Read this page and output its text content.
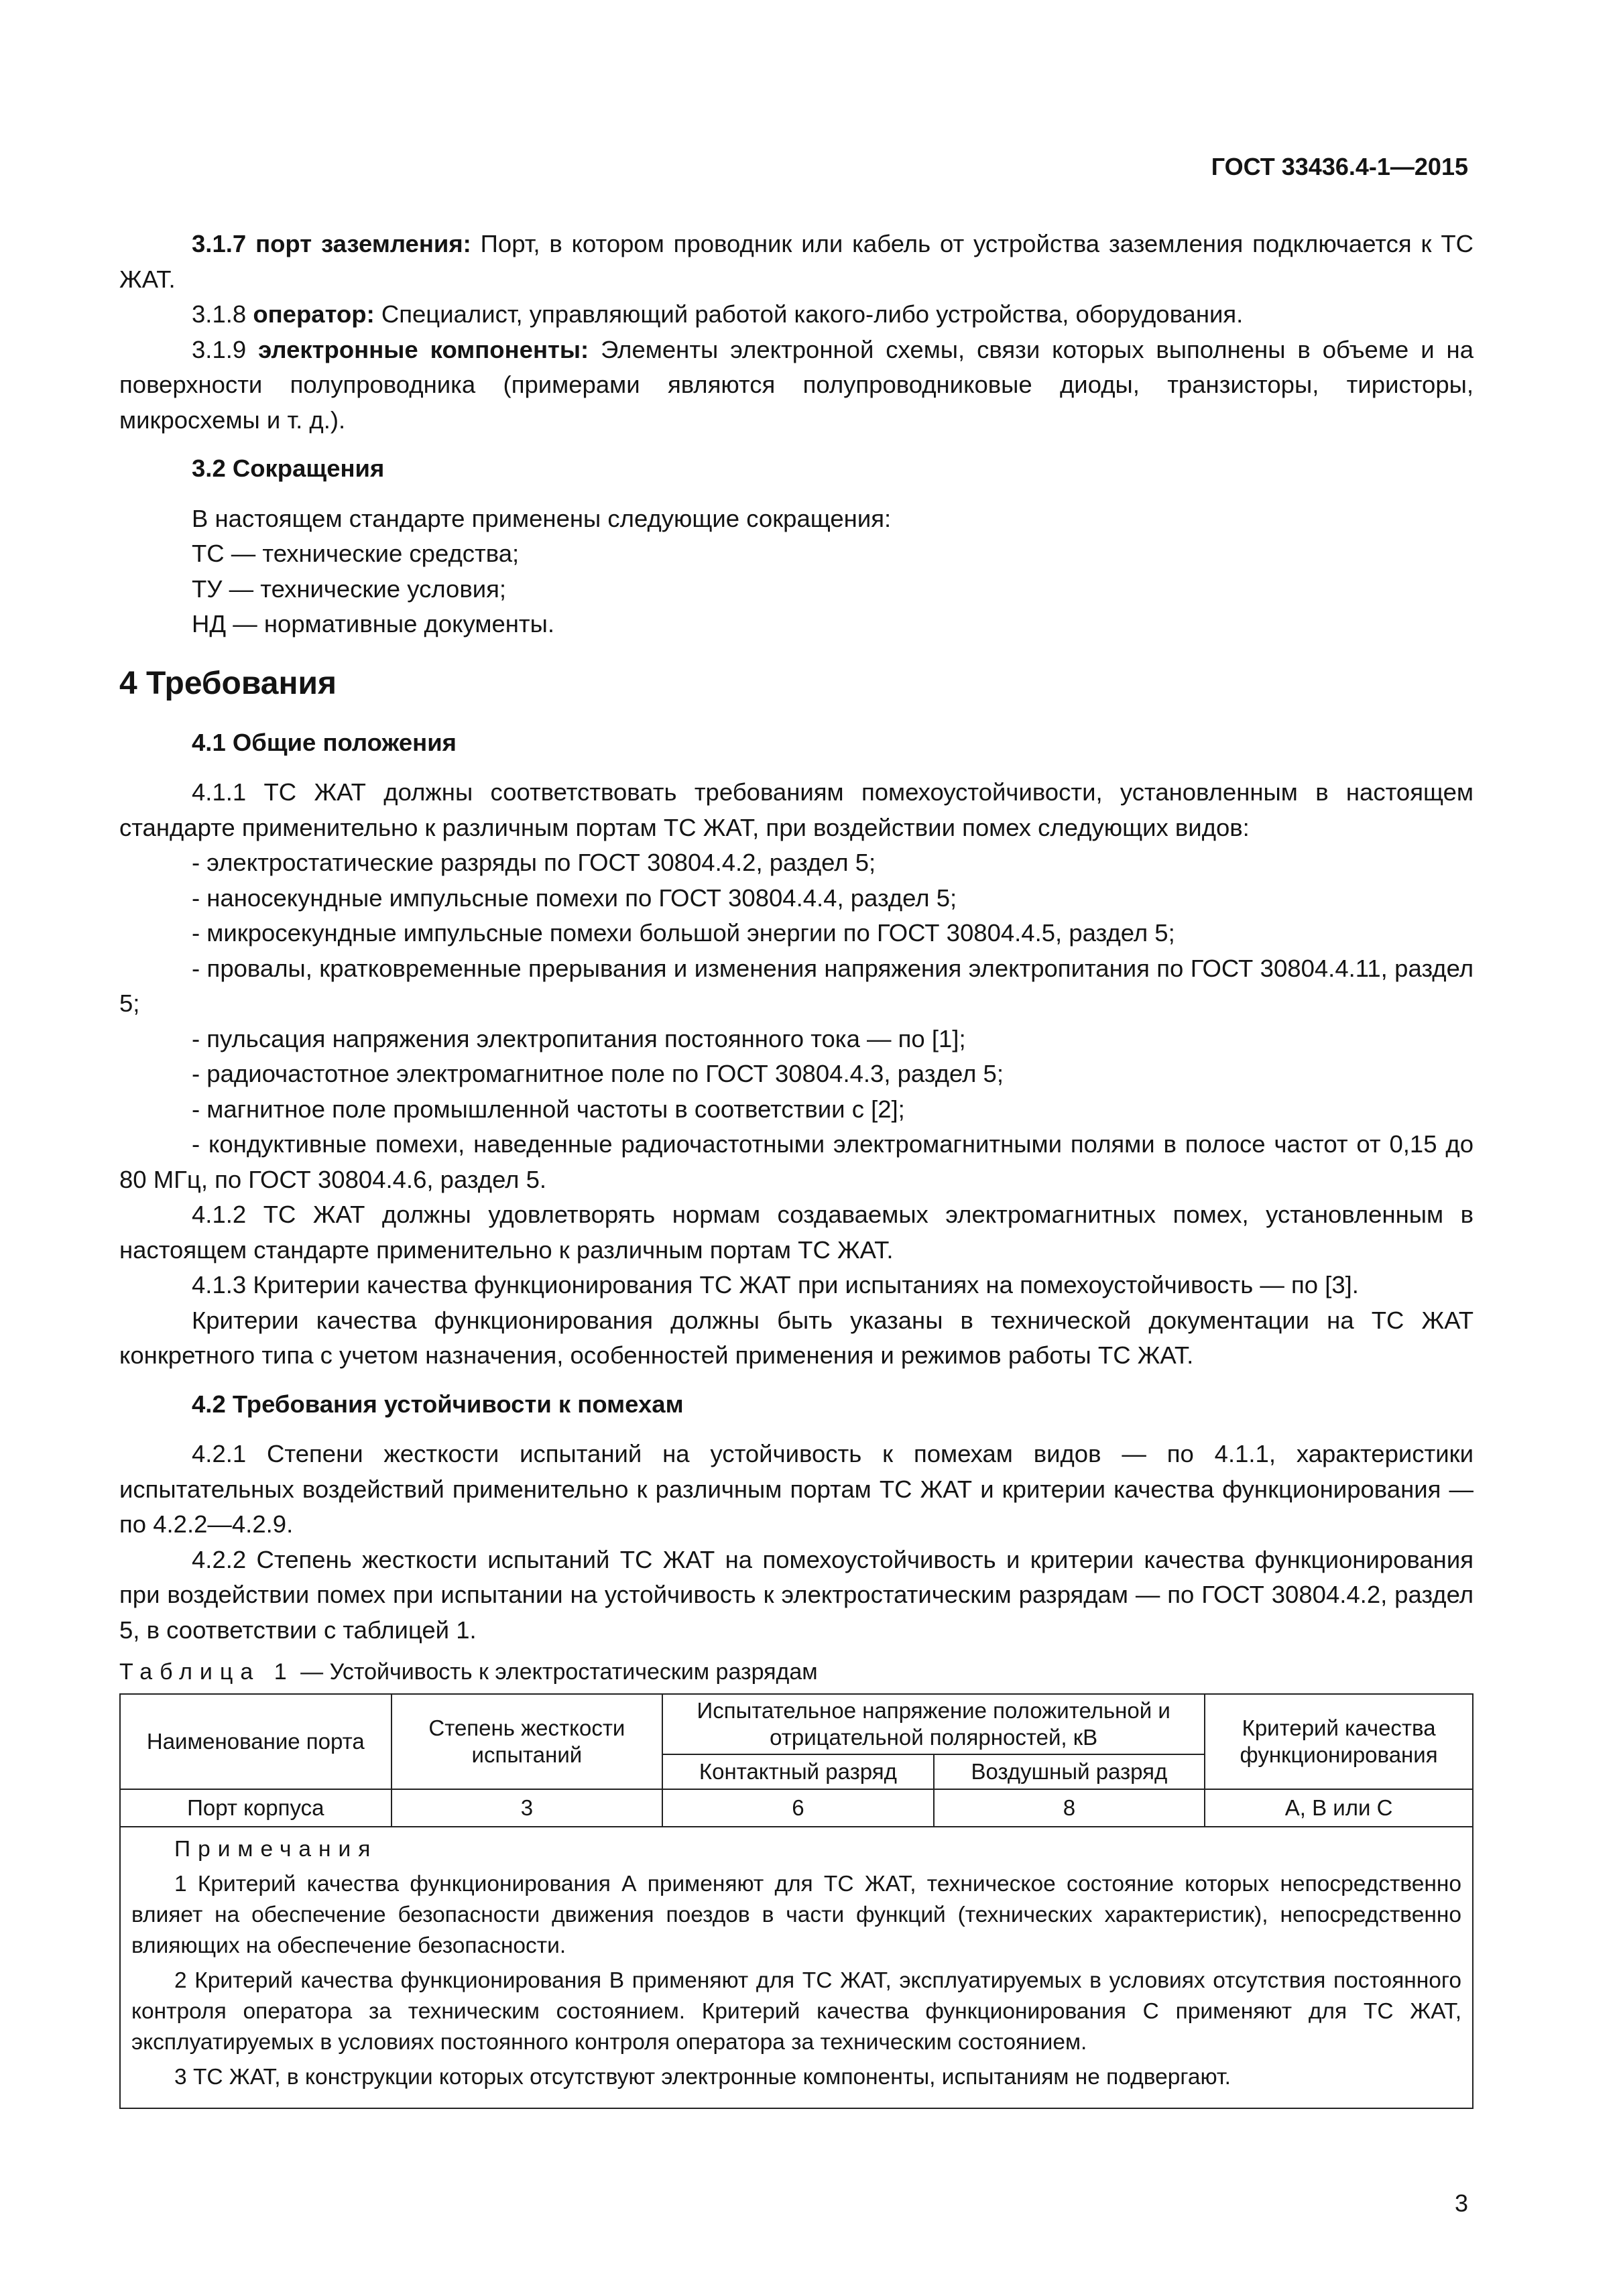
ГОСТ 33436.4-1—2015

3.1.7 порт заземления: Порт, в котором проводник или кабель от устройства заземления подключается к ТС ЖАТ.

3.1.8 оператор: Специалист, управляющий работой какого-либо устройства, оборудования.

3.1.9 электронные компоненты: Элементы электронной схемы, связи которых выполнены в объеме и на поверхности полупроводника (примерами являются полупроводниковые диоды, транзисторы, тиристоры, микросхемы и т. д.).

3.2 Сокращения

В настоящем стандарте применены следующие сокращения:

ТС — технические средства;

ТУ — технические условия;

НД — нормативные документы.

4 Требования
4.1 Общие положения

4.1.1 ТС ЖАТ должны соответствовать требованиям помехоустойчивости, установленным в настоящем стандарте применительно к различным портам ТС ЖАТ, при воздействии помех следующих видов:

- электростатические разряды по ГОСТ 30804.4.2, раздел 5;

- наносекундные импульсные помехи по ГОСТ 30804.4.4, раздел 5;

- микросекундные импульсные помехи большой энергии по ГОСТ 30804.4.5, раздел 5;

- провалы, кратковременные прерывания и изменения напряжения электропитания по ГОСТ 30804.4.11, раздел 5;

- пульсация напряжения электропитания постоянного тока — по [1];

- радиочастотное электромагнитное поле по ГОСТ 30804.4.3, раздел 5;

- магнитное поле промышленной частоты в соответствии с [2];

- кондуктивные помехи, наведенные радиочастотными электромагнитными полями в полосе частот от 0,15 до 80 МГц, по ГОСТ 30804.4.6, раздел 5.

4.1.2 ТС ЖАТ должны удовлетворять нормам создаваемых электромагнитных помех, установленным в настоящем стандарте применительно к различным портам ТС ЖАТ.

4.1.3 Критерии качества функционирования ТС ЖАТ при испытаниях на помехоустойчивость — по [3].

Критерии качества функционирования должны быть указаны в технической документации на ТС ЖАТ конкретного типа с учетом назначения, особенностей применения и режимов работы ТС ЖАТ.

4.2 Требования устойчивости к помехам

4.2.1 Степени жесткости испытаний на устойчивость к помехам видов — по 4.1.1, характеристики испытательных воздействий применительно к различным портам ТС ЖАТ и критерии качества функционирования — по 4.2.2—4.2.9.

4.2.2 Степень жесткости испытаний ТС ЖАТ на помехоустойчивость и критерии качества функционирования при воздействии помех при испытании на устойчивость к электростатическим разрядам — по ГОСТ 30804.4.2, раздел 5, в соответствии с таблицей 1.

Таблица 1 — Устойчивость к электростатическим разрядам
Наименование порта	Степень жесткости испытаний	Испытательное напряжение положительной и отрицательной полярностей, кВ		Критерий качества функционирования
		Контактный разряд	Воздушный разряд	
Порт корпуса	3	6	8	А, В или С

Примечания

1 Критерий качества функционирования А применяют для ТС ЖАТ, техническое состояние которых непосредственно влияет на обеспечение безопасности движения поездов в части функций (технических характеристик), непосредственно влияющих на обеспечение безопасности.

2 Критерий качества функционирования В применяют для ТС ЖАТ, эксплуатируемых в условиях отсутствия постоянного контроля оператора за техническим состоянием. Критерий качества функционирования С применяют для ТС ЖАТ, эксплуатируемых в условиях постоянного контроля оператора за техническим состоянием.

3 ТС ЖАТ, в конструкции которых отсутствуют электронные компоненты, испытаниям не подвергают.				

3
